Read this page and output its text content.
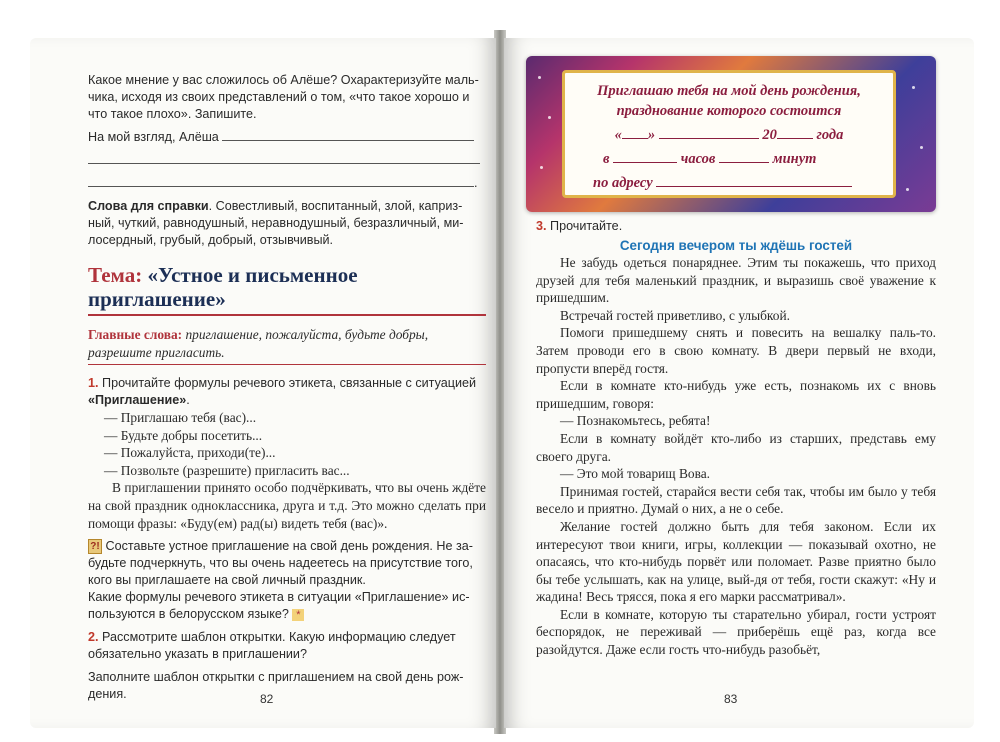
Какое мнение у вас сложилось об Алёше? Охарактеризуйте маль-чика, исходя из своих представлений о том, «что такое хорошо и что такое плохо». Запишите.

На мой взгляд, Алёша

.

Слова для справки. Совестливый, воспитанный, злой, каприз-ный, чуткий, равнодушный, неравнодушный, безразличный, ми-лосердный, грубый, добрый, отзывчивый.

Тема: «Устное и письменное приглашение»
Главные слова: приглашение, пожалуйста, будьте добры, разрешите пригласить.

1. Прочитайте формулы речевого этикета, связанные с ситуацией «Приглашение».

— Приглашаю тебя (вас)...

— Будьте добры посетить...

— Пожалуйста, приходи(те)...

— Позвольте (разрешите) пригласить вас...

В приглашении принято особо подчёркивать, что вы очень ждёте на свой праздник одноклассника, друга и т.д. Это можно сделать при помощи фразы: «Буду(ем) рад(ы) видеть тебя (вас)».

?! Составьте устное приглашение на свой день рождения. Не за-будьте подчеркнуть, что вы очень надеетесь на присутствие того, кого вы приглашаете на свой личный праздник.

Какие формулы речевого этикета в ситуации «Приглашение» ис-пользуются в белорусском языке? *

2. Рассмотрите шаблон открытки. Какую информацию следует обязательно указать в приглашении?

Заполните шаблон открытки с приглашением на свой день рож-дения.	82
Приглашаю тебя на мой день рождения,
празднование которого состоится
« »	20	года
в	часов	минут
по адресу

3. Прочитайте.

Сегодня вечером ты ждёшь гостей

Не забудь одеться понаряднее. Этим ты покажешь, что приход друзей для тебя маленький праздник, и выразишь своё уважение к пришедшим.

Встречай гостей приветливо, с улыбкой.

Помоги пришедшему снять и повесить на вешалку паль-то. Затем проводи его в свою комнату. В двери первый не входи, пропусти вперёд гостя.

Если в комнате кто-нибудь уже есть, познакомь их с вновь пришедшим, говоря:

— Познакомьтесь, ребята!

Если в комнату войдёт кто-либо из старших, представь ему своего друга.

— Это мой товарищ Вова.

Принимая гостей, старайся вести себя так, чтобы им было у тебя весело и приятно. Думай о них, а не о себе.

Желание гостей должно быть для тебя законом. Если их интересуют твои книги, игры, коллекции — показывай охотно, не опасаясь, что кто-нибудь порвёт или поломает. Разве приятно было бы тебе услышать, как на улице, вый-дя от тебя, гости скажут: «Ну и жадина! Весь трясся, пока я его марки рассматривал».

Если в комнате, которую ты старательно убирал, гости устроят беспорядок, не переживай — приберёшь ещё раз, когда все разойдутся. Даже если гость что-нибудь разобьёт,

83
